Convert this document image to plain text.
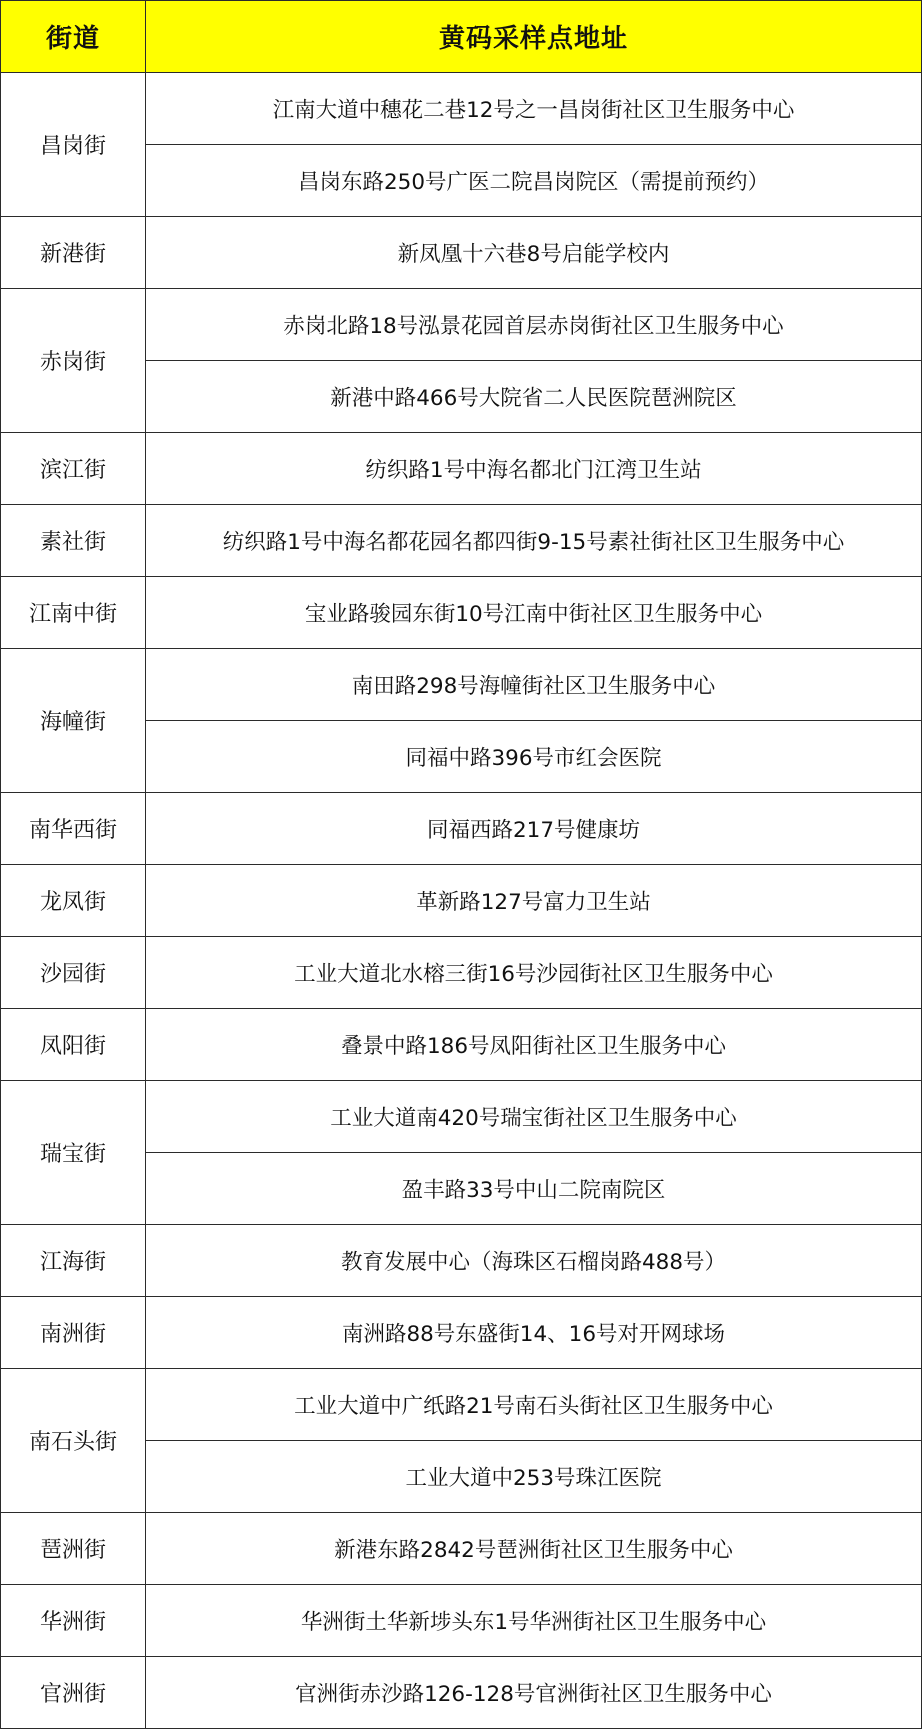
街道	黄码采样点地址
昌岗街	江南大道中穗花二巷12号之一昌岗街社区卫生服务中心
	昌岗东路250号广医二院昌岗院区（需提前预约）
新港街	新凤凰十六巷8号启能学校内
赤岗街	赤岗北路18号泓景花园首层赤岗街社区卫生服务中心
	新港中路466号大院省二人民医院琶洲院区
滨江街	纺织路1号中海名都北门江湾卫生站
素社街	纺织路1号中海名都花园名都四街9-15号素社街社区卫生服务中心
江南中街	宝业路骏园东街10号江南中街社区卫生服务中心
海幢街	南田路298号海幢街社区卫生服务中心
	同福中路396号市红会医院
南华西街	同福西路217号健康坊
龙凤街	革新路127号富力卫生站
沙园街	工业大道北水榕三街16号沙园街社区卫生服务中心
凤阳街	叠景中路186号凤阳街社区卫生服务中心
瑞宝街	工业大道南420号瑞宝街社区卫生服务中心
	盈丰路33号中山二院南院区
江海街	教育发展中心（海珠区石榴岗路488号）
南洲街	南洲路88号东盛街14、16号对开网球场
南石头街	工业大道中广纸路21号南石头街社区卫生服务中心
	工业大道中253号珠江医院
琶洲街	新港东路2842号琶洲街社区卫生服务中心
华洲街	华洲街土华新埗头东1号华洲街社区卫生服务中心
官洲街	官洲街赤沙路126-128号官洲街社区卫生服务中心
